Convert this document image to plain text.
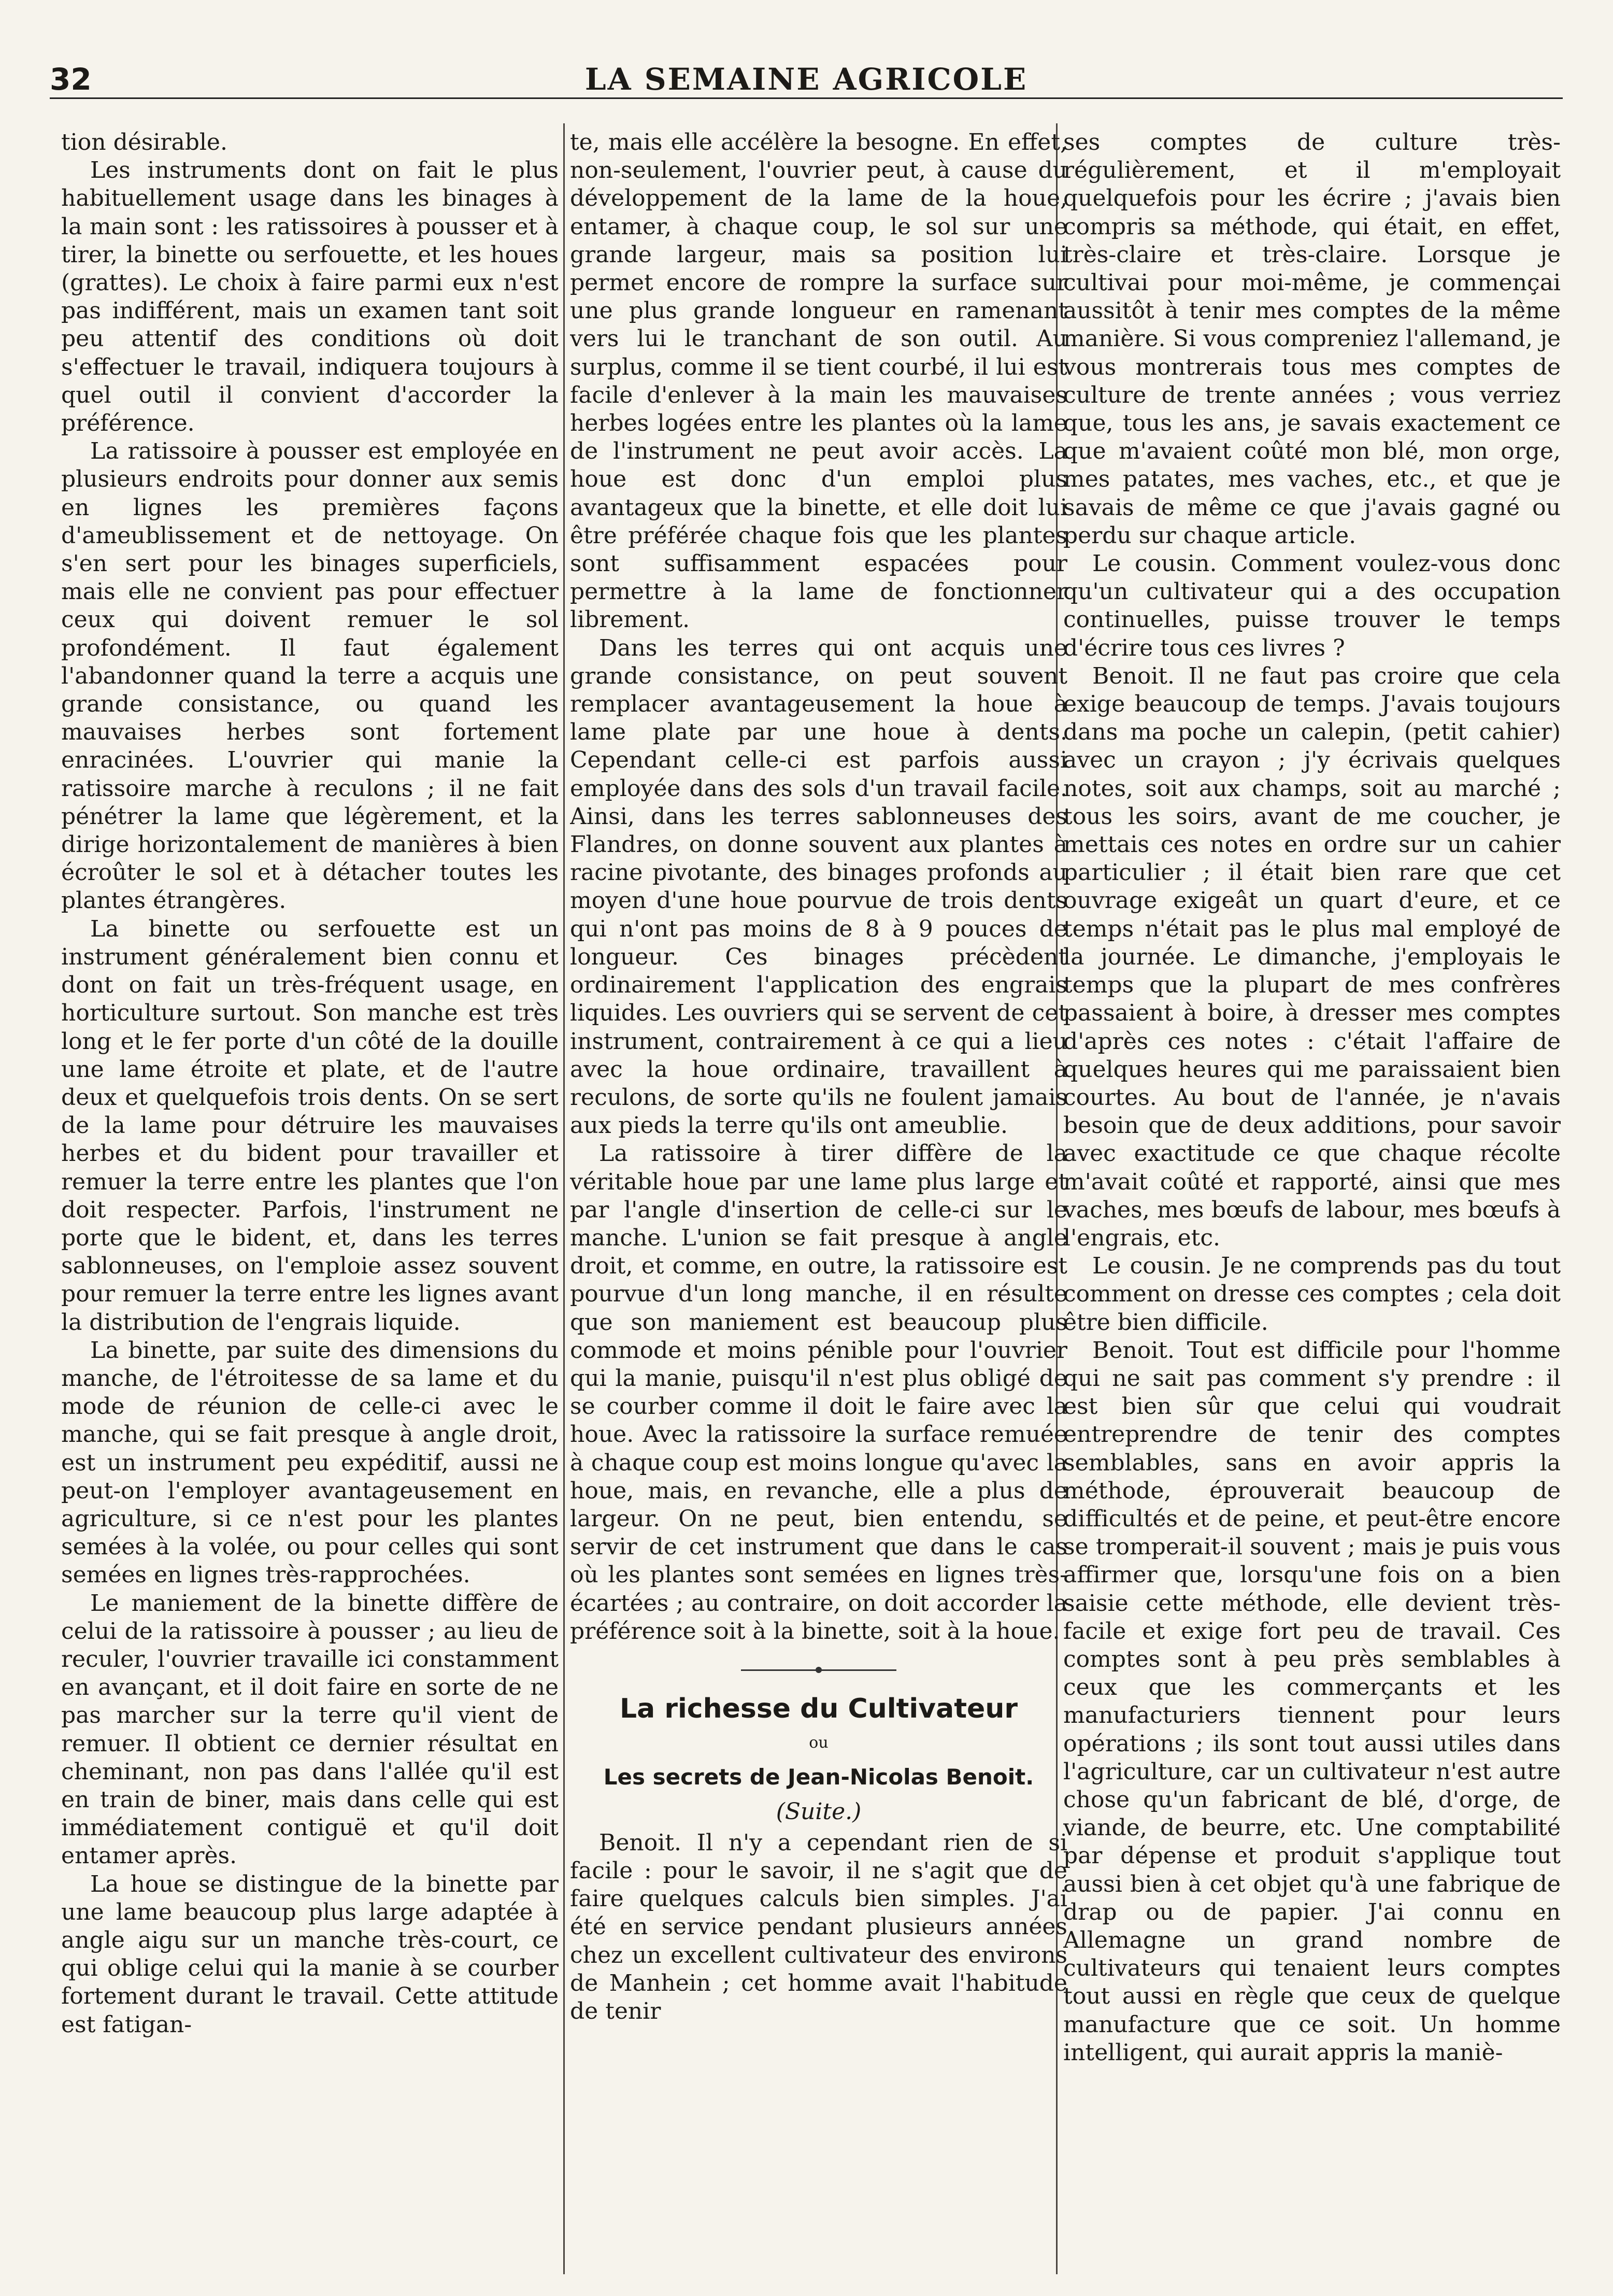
32	LA SEMAINE AGRICOLE

tion désirable.

Les instruments dont on fait le plus habituellement usage dans les binages à la main sont : les ratissoires à pousser et à tirer, la binette ou serfouette, et les houes (grattes). Le choix à faire parmi eux n'est pas indifférent, mais un examen tant soit peu attentif des conditions où doit s'effectuer le travail, indiquera toujours à quel outil il convient d'accorder la préférence.

La ratissoire à pousser est employée en plusieurs endroits pour donner aux semis en lignes les premières façons d'ameublissement et de nettoyage. On s'en sert pour les binages superficiels, mais elle ne convient pas pour effectuer ceux qui doivent remuer le sol profondément. Il faut également l'abandonner quand la terre a acquis une grande consistance, ou quand les mauvaises herbes sont fortement enracinées. L'ouvrier qui manie la ratissoire marche à reculons ; il ne fait pénétrer la lame que légèrement, et la dirige horizontalement de manières à bien écroûter le sol et à détacher toutes les plantes étrangères.

La binette ou serfouette est un instrument généralement bien connu et dont on fait un très-fréquent usage, en horticulture surtout. Son manche est très long et le fer porte d'un côté de la douille une lame étroite et plate, et de l'autre deux et quelquefois trois dents. On se sert de la lame pour détruire les mauvaises herbes et du bident pour travailler et remuer la terre entre les plantes que l'on doit respecter. Parfois, l'instrument ne porte que le bident, et, dans les terres sablonneuses, on l'emploie assez souvent pour remuer la terre entre les lignes avant la distribution de l'engrais liquide.

La binette, par suite des dimensions du manche, de l'étroitesse de sa lame et du mode de réunion de celle-ci avec le manche, qui se fait presque à angle droit, est un instrument peu expéditif, aussi ne peut-on l'employer avantageusement en agriculture, si ce n'est pour les plantes semées à la volée, ou pour celles qui sont semées en lignes très-rapprochées.

Le maniement de la binette diffère de celui de la ratissoire à pousser ; au lieu de reculer, l'ouvrier travaille ici constamment en avançant, et il doit faire en sorte de ne pas marcher sur la terre qu'il vient de remuer. Il obtient ce dernier résultat en cheminant, non pas dans l'allée qu'il est en train de biner, mais dans celle qui est immédiatement contiguë et qu'il doit entamer après.

La houe se distingue de la binette par une lame beaucoup plus large adaptée à angle aigu sur un manche très-court, ce qui oblige celui qui la manie à se courber fortement durant le travail. Cette attitude est fatigan-

te, mais elle accélère la besogne. En effet, non-seulement, l'ouvrier peut, à cause du développement de la lame de la houe, entamer, à chaque coup, le sol sur une grande largeur, mais sa position lui permet encore de rompre la surface sur une plus grande longueur en ramenant vers lui le tranchant de son outil. Au surplus, comme il se tient courbé, il lui est facile d'enlever à la main les mauvaises herbes logées entre les plantes où la lame de l'instrument ne peut avoir accès. La houe est donc d'un emploi plus avantageux que la binette, et elle doit lui être préférée chaque fois que les plantes sont suffisamment espacées pour permettre à la lame de fonctionner librement.

Dans les terres qui ont acquis une grande consistance, on peut souvent remplacer avantageusement la houe à lame plate par une houe à dents. Cependant celle-ci est parfois aussi employée dans des sols d'un travail facile. Ainsi, dans les terres sablonneuses des Flandres, on donne souvent aux plantes à racine pivotante, des binages profonds au moyen d'une houe pourvue de trois dents qui n'ont pas moins de 8 à 9 pouces de longueur. Ces binages précèdent ordinairement l'application des engrais liquides. Les ouvriers qui se servent de cet instrument, contrairement à ce qui a lieu avec la houe ordinaire, travaillent à reculons, de sorte qu'ils ne foulent jamais aux pieds la terre qu'ils ont ameublie.

La ratissoire à tirer diffère de la véritable houe par une lame plus large et par l'angle d'insertion de celle-ci sur le manche. L'union se fait presque à angle droit, et comme, en outre, la ratissoire est pourvue d'un long manche, il en résulte que son maniement est beaucoup plus commode et moins pénible pour l'ouvrier qui la manie, puisqu'il n'est plus obligé de se courber comme il doit le faire avec la houe. Avec la ratissoire la surface remuée à chaque coup est moins longue qu'avec la houe, mais, en revanche, elle a plus de largeur. On ne peut, bien entendu, se servir de cet instrument que dans le cas où les plantes sont semées en lignes très-écartées ; au contraire, on doit accorder la préférence soit à la binette, soit à la houe.

La richesse du Cultivateur
ou
Les secrets de Jean-Nicolas Benoit.
(Suite.)

Benoit. Il n'y a cependant rien de si facile : pour le savoir, il ne s'agit que de faire quelques calculs bien simples. J'ai été en service pendant plusieurs années chez un excellent cultivateur des environs de Manhein ; cet homme avait l'habitude de tenir

ses comptes de culture très-régulièrement, et il m'employait quelquefois pour les écrire ; j'avais bien compris sa méthode, qui était, en effet, très-claire et très-claire. Lorsque je cultivai pour moi-même, je commençai aussitôt à tenir mes comptes de la même manière. Si vous compreniez l'allemand, je vous montrerais tous mes comptes de culture de trente années ; vous verriez que, tous les ans, je savais exactement ce que m'avaient coûté mon blé, mon orge, mes patates, mes vaches, etc., et que je savais de même ce que j'avais gagné ou perdu sur chaque article.

Le cousin. Comment voulez-vous donc qu'un cultivateur qui a des occupation continuelles, puisse trouver le temps d'écrire tous ces livres ?

Benoit. Il ne faut pas croire que cela exige beaucoup de temps. J'avais toujours dans ma poche un calepin, (petit cahier) avec un crayon ; j'y écrivais quelques notes, soit aux champs, soit au marché ; tous les soirs, avant de me coucher, je mettais ces notes en ordre sur un cahier particulier ; il était bien rare que cet ouvrage exigeât un quart d'eure, et ce temps n'était pas le plus mal employé de la journée. Le dimanche, j'employais le temps que la plupart de mes confrères passaient à boire, à dresser mes comptes d'après ces notes : c'était l'affaire de quelques heures qui me paraissaient bien courtes. Au bout de l'année, je n'avais besoin que de deux additions, pour savoir avec exactitude ce que chaque récolte m'avait coûté et rapporté, ainsi que mes vaches, mes bœufs de labour, mes bœufs à l'engrais, etc.

Le cousin. Je ne comprends pas du tout comment on dresse ces comptes ; cela doit être bien difficile.

Benoit. Tout est difficile pour l'homme qui ne sait pas comment s'y prendre : il est bien sûr que celui qui voudrait entreprendre de tenir des comptes semblables, sans en avoir appris la méthode, éprouverait beaucoup de difficultés et de peine, et peut-être encore se tromperait-il souvent ; mais je puis vous affirmer que, lorsqu'une fois on a bien saisie cette méthode, elle devient très-facile et exige fort peu de travail. Ces comptes sont à peu près semblables à ceux que les commerçants et les manufacturiers tiennent pour leurs opérations ; ils sont tout aussi utiles dans l'agriculture, car un cultivateur n'est autre chose qu'un fabricant de blé, d'orge, de viande, de beurre, etc. Une comptabilité par dépense et produit s'applique tout aussi bien à cet objet qu'à une fabrique de drap ou de papier. J'ai connu en Allemagne un grand nombre de cultivateurs qui tenaient leurs comptes tout aussi en règle que ceux de quelque manufacture que ce soit. Un homme intelligent, qui aurait appris la maniè-
